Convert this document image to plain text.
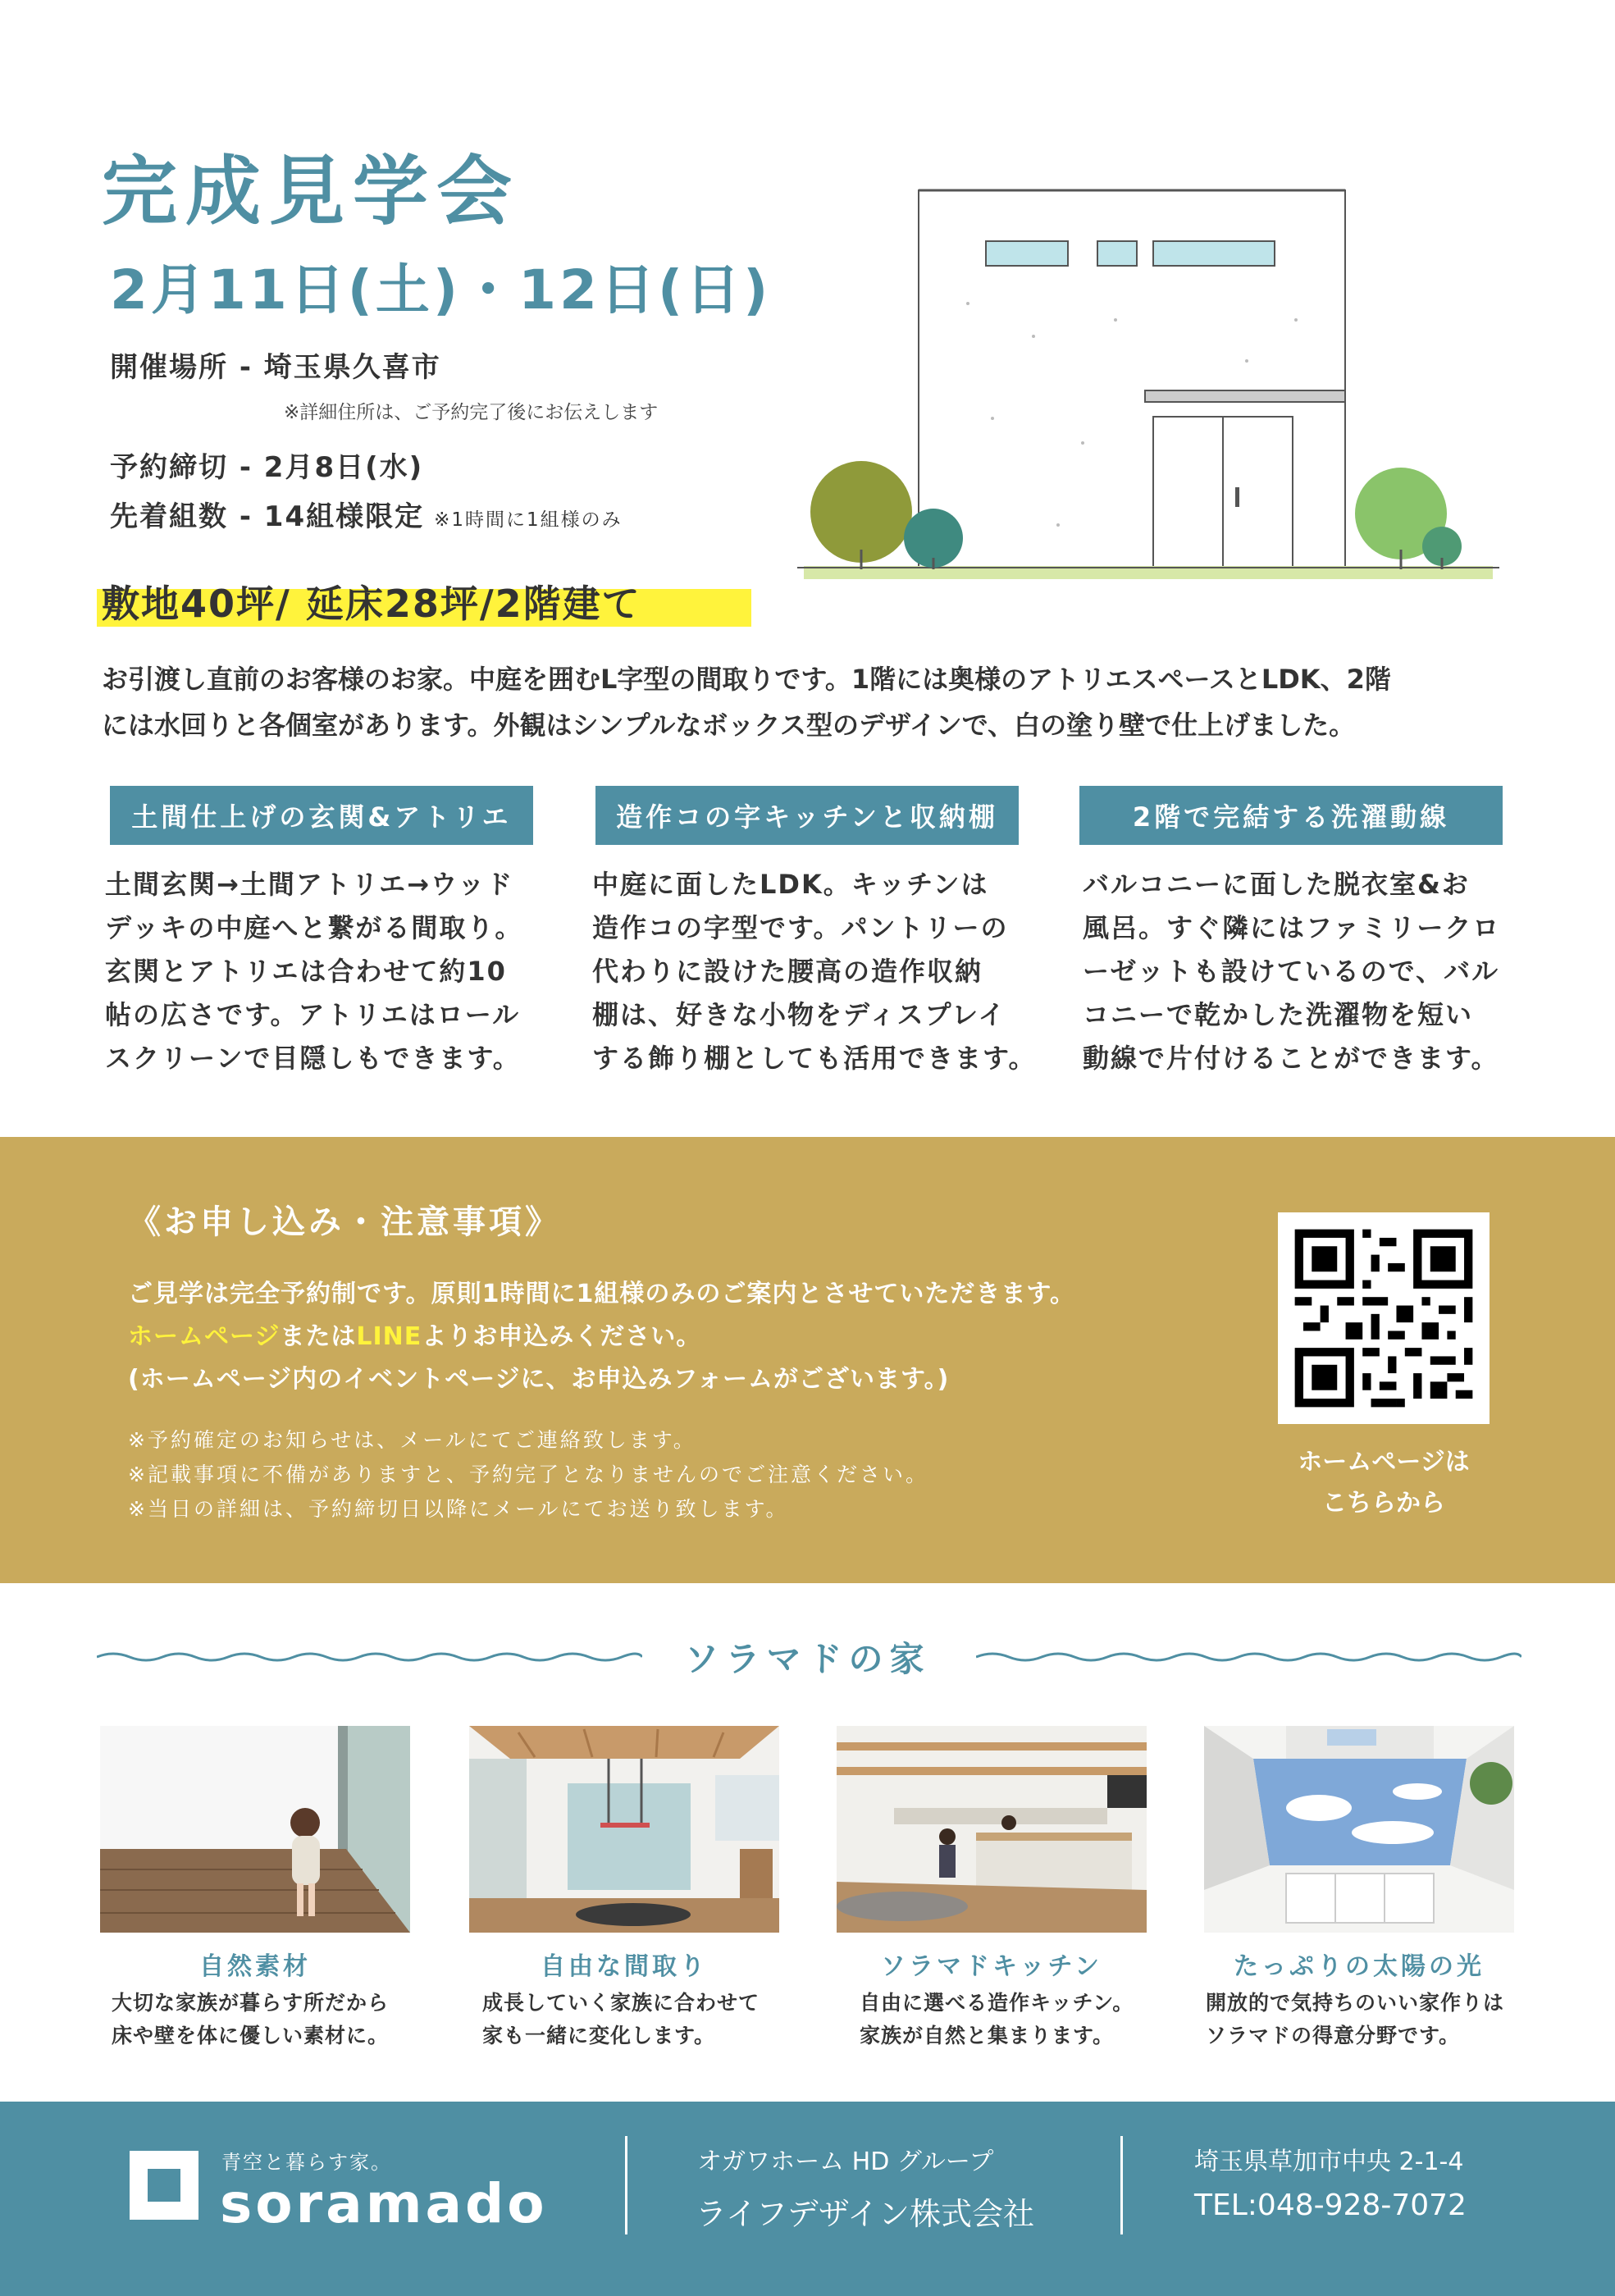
完成見学会
2月11日(土)・12日(日)
開催場所 - 埼玉県久喜市
※詳細住所は、ご予約完了後にお伝えします
予約締切 - 2月8日(水)
先着組数 - 14組様限定 ※1時間に1組様のみ
敷地40坪/ 延床28坪/2階建て
お引渡し直前のお客様のお家。中庭を囲むL字型の間取りです。1階には奥様のアトリエスペースとLDK、2階
には水回りと各個室があります。外観はシンプルなボックス型のデザインで、白の塗り壁で仕上げました。
土間仕上げの玄関&アトリエ	造作コの字キッチンと収納棚	2階で完結する洗濯動線
土間玄関→土間アトリエ→ウッド
デッキの中庭へと繋がる間取り。
玄関とアトリエは合わせて約10
帖の広さです。アトリエはロール
スクリーンで目隠しもできます。
中庭に面したLDK。キッチンは
造作コの字型です。パントリーの
代わりに設けた腰高の造作収納
棚は、好きな小物をディスプレイ
する飾り棚としても活用できます。
バルコニーに面した脱衣室&お
風呂。すぐ隣にはファミリークロ
ーゼットも設けているので、バル
コニーで乾かした洗濯物を短い
動線で片付けることができます。
《お申し込み・注意事項》
ご見学は完全予約制です。原則1時間に1組様のみのご案内とさせていただきます。
ホームページまたはLINEよりお申込みください。
(ホームページ内のイベントページに、お申込みフォームがございます。)
※予約確定のお知らせは、メールにてご連絡致します。
※記載事項に不備がありますと、予約完了となりませんのでご注意ください。
※当日の詳細は、予約締切日以降にメールにてお送り致します。
ホームページは
こちらから
ソラマドの家
自然素材	自由な間取り	ソラマドキッチン	たっぷりの太陽の光
大切な家族が暮らす所だから
床や壁を体に優しい素材に。
成長していく家族に合わせて
家も一緒に変化します。
自由に選べる造作キッチン。
家族が自然と集まります。
開放的で気持ちのいい家作りは
ソラマドの得意分野です。
青空と暮らす家。
soramado
オガワホーム HD グループ
ライフデザイン株式会社
埼玉県草加市中央 2-1-4
TEL:048-928-7072
